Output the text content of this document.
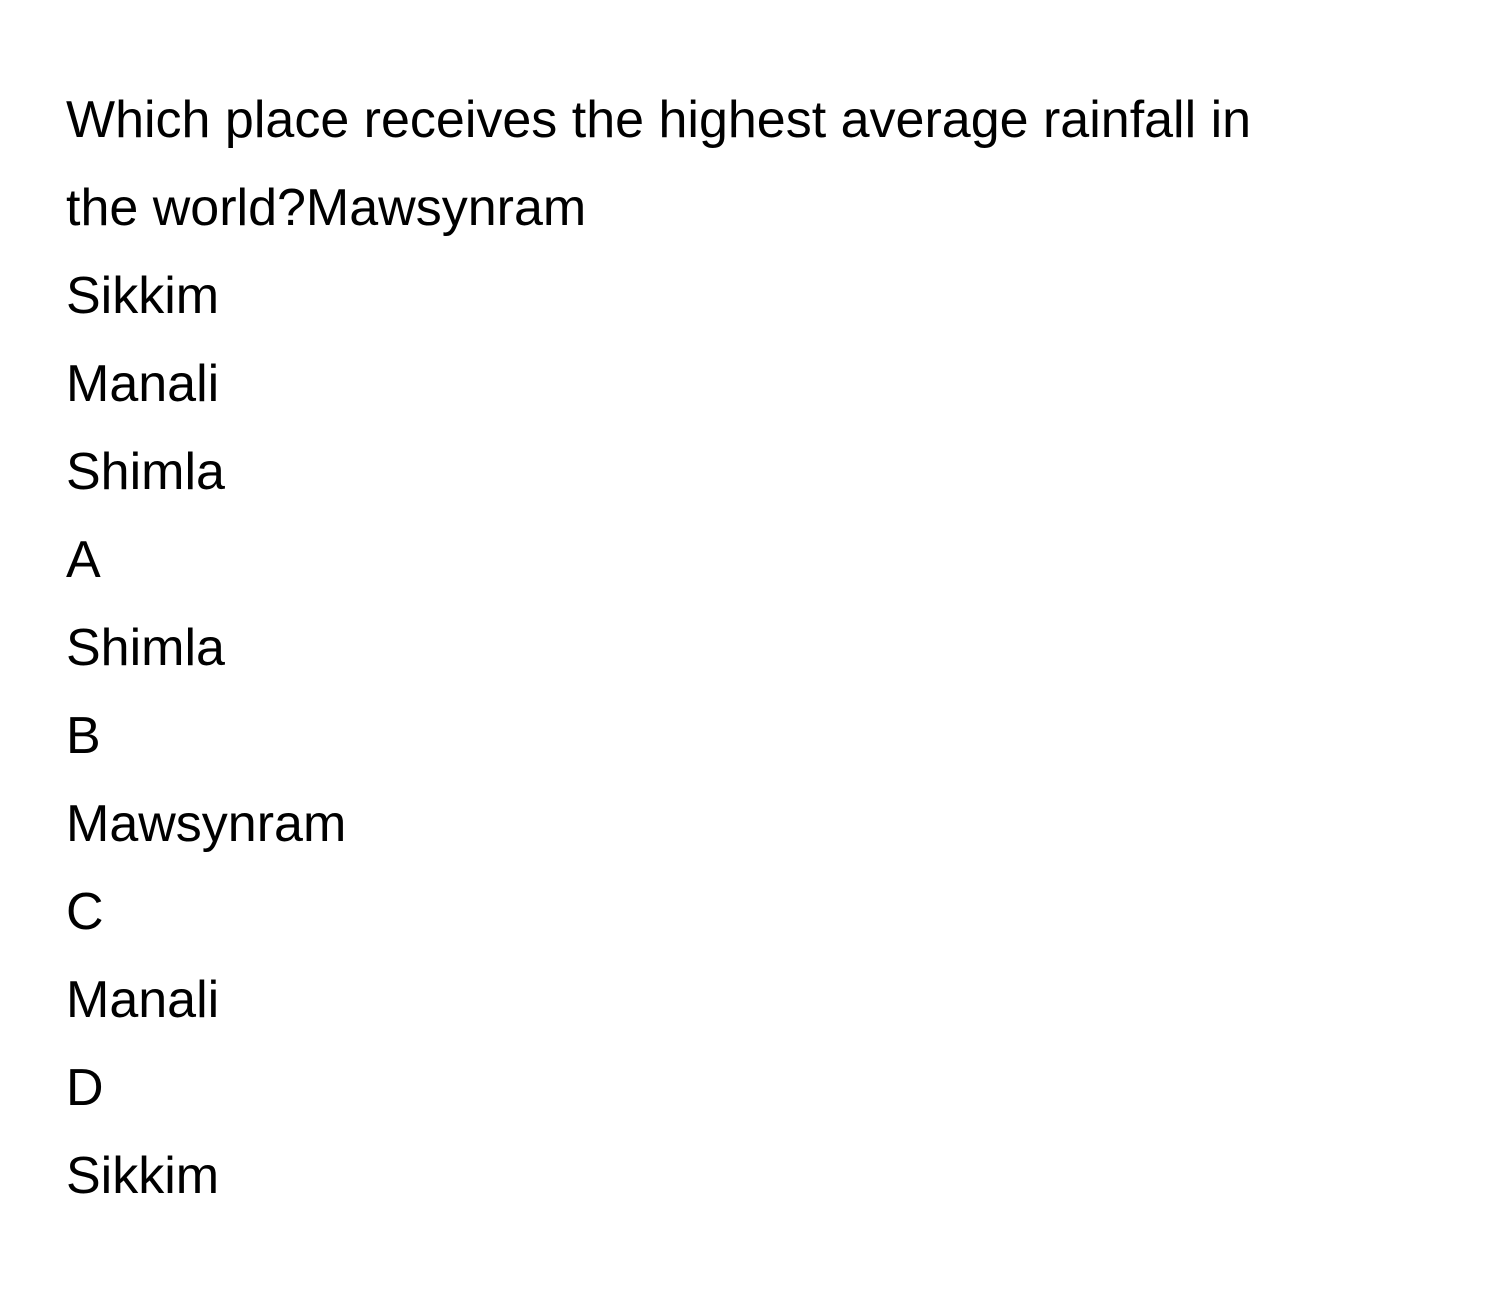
Which place receives the highest average rainfall in
the world?Mawsynram
Sikkim
Manali
Shimla
A
Shimla
B
Mawsynram
C
Manali
D
Sikkim
